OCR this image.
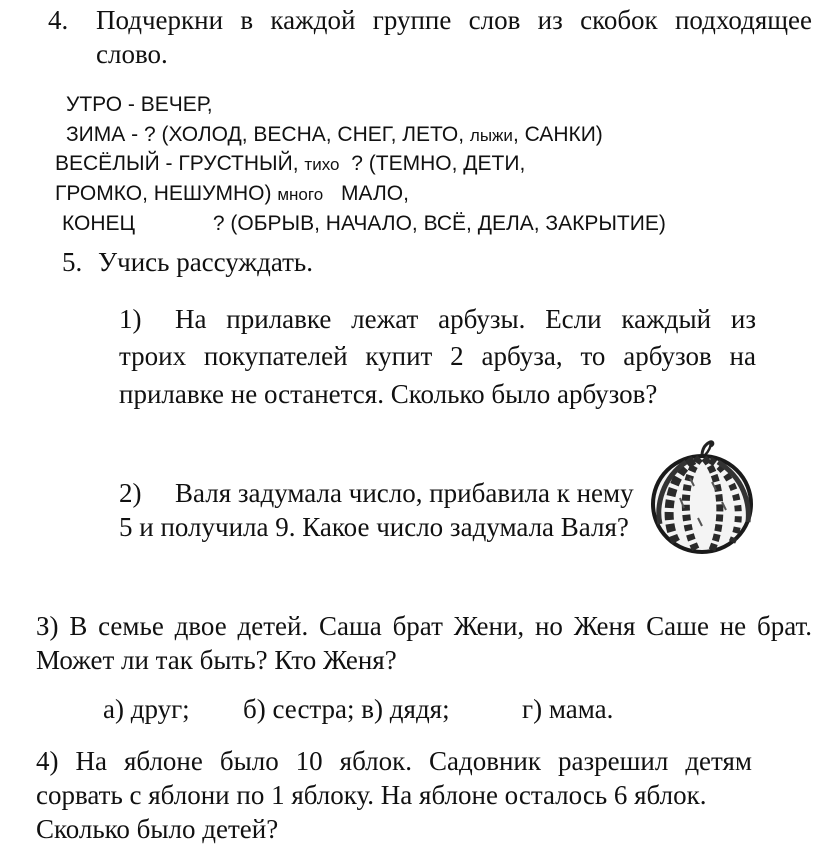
4. Подчеркни в каждой группе слов из скобок подходящее
слово.
УТРО - ВЕЧЕР,
ЗИМА - ? (ХОЛОД, ВЕСНА, СНЕГ, ЛЕТО, лыжи, САНКИ)
ВЕСЁЛЫЙ - ГРУСТНЫЙ, тихо ? (ТЕМНО, ДЕТИ,
ГРОМКО, НЕШУМНО) много МАЛО,
КОНЕЦ	? (ОБРЫВ, НАЧАЛО, ВСЁ, ДЕЛА, ЗАКРЫТИЕ)
5. Учись рассуждать.
1) На прилавке лежат арбузы. Если каждый из
троих покупателей купит 2 арбуза, то арбузов на
прилавке не останется. Сколько было арбузов?
2) Валя задумала число, прибавила к нему
5 и получила 9. Какое число задумала Валя?
З) В семье двое детей. Саша брат Жени, но Женя Саше не брат.
Может ли так быть? Кто Женя?
а) друг; б) сестра; в) дядя;	г) мама.
4) На яблоне было 10 яблок. Садовник разрешил детям
сорвать с яблони по 1 яблоку. На яблоне осталось 6 яблок.
Сколько было детей?
